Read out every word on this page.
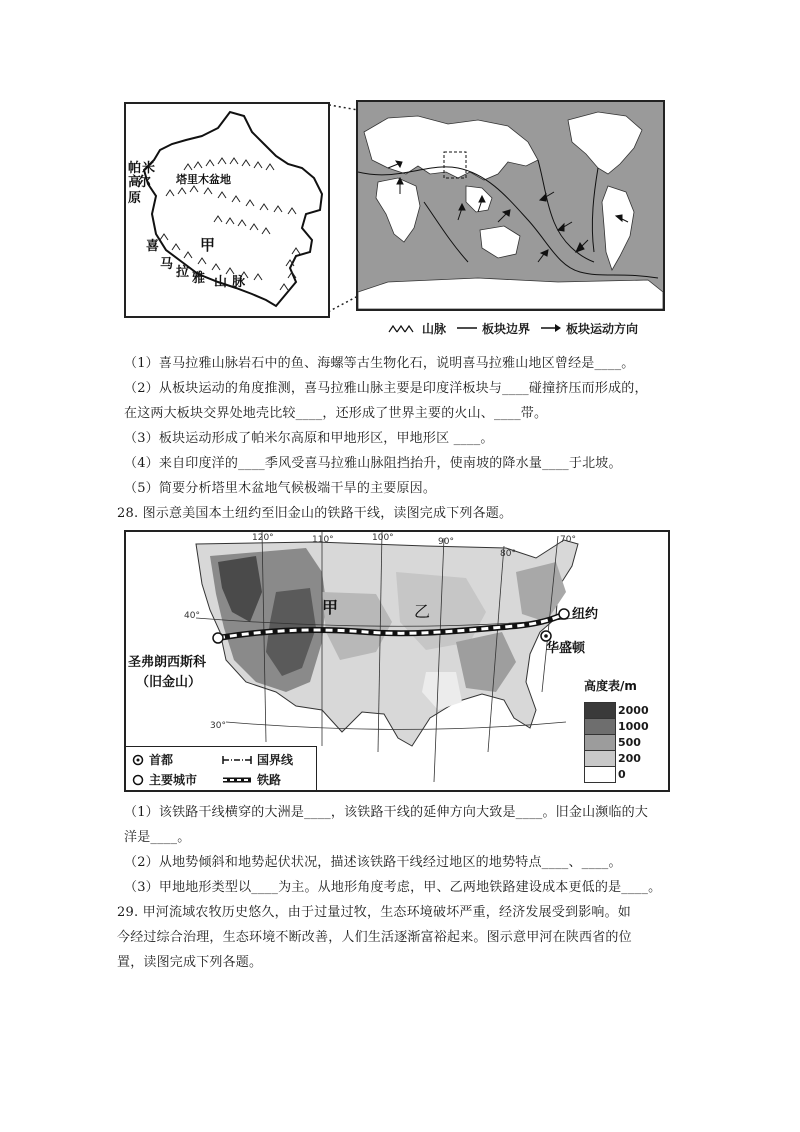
帕 米
尔
高
原
塔里木盆地
甲
喜
马
拉 雅 山 脉
山脉	板块边界	板块运动方向
（1）喜马拉雅山脉岩石中的鱼、海螺等古生物化石，说明喜马拉雅山地区曾经是____。
（2）从板块运动的角度推测，喜马拉雅山脉主要是印度洋板块与____碰撞挤压而形成的，
在这两大板块交界处地壳比较____，还形成了世界主要的火山、____带。
（3）板块运动形成了帕米尔高原和甲地形区，甲地形区 ____。
（4）来自印度洋的____季风受喜马拉雅山脉阻挡抬升，使南坡的降水量____于北坡。
（5）简要分析塔里木盆地气候极端干旱的主要原因。
28. 图示意美国本土纽约至旧金山的铁路干线，读图完成下列各题。
120°	110°	100°	90°
80°
70°
40°
30°
甲	乙	纽约
华盛顿
圣弗朗西斯科
（旧金山）	高度表/m
2000
1000
500
200
0
首都
主要城市
国界线
铁路
（1）该铁路干线横穿的大洲是____，该铁路干线的延伸方向大致是____。旧金山濒临的大
洋是____。
（2）从地势倾斜和地势起伏状况，描述该铁路干线经过地区的地势特点____、____。
（3）甲地地形类型以____为主。从地形角度考虑，甲、乙两地铁路建设成本更低的是____。
29. 甲河流域农牧历史悠久，由于过量过牧，生态环境破坏严重，经济发展受到影响。如
今经过综合治理，生态环境不断改善，人们生活逐渐富裕起来。图示意甲河在陕西省的位
置，读图完成下列各题。
